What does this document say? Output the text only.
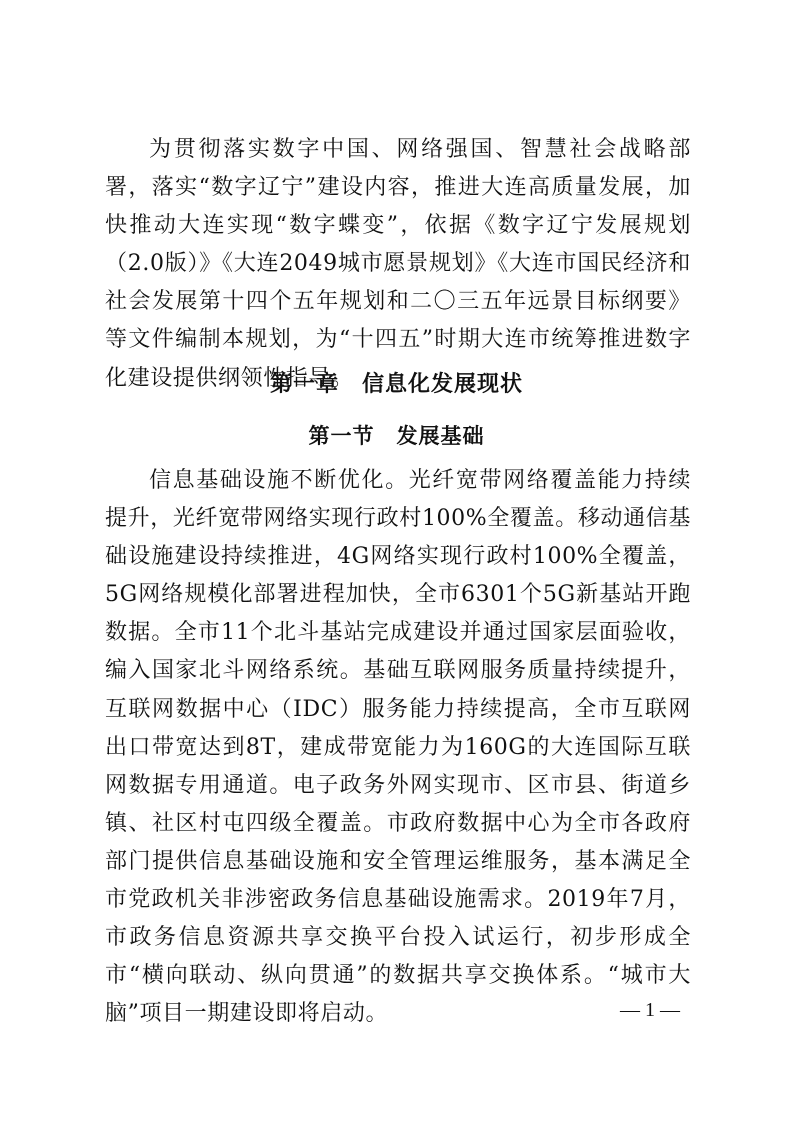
为贯彻落实数字中国、网络强国、智慧社会战略部署，落实“数字辽宁”建设内容，推进大连高质量发展，加快推动大连实现“数字蝶变”，依据《数字辽宁发展规划（2.0版）》《大连2049城市愿景规划》《大连市国民经济和社会发展第十四个五年规划和二〇三五年远景目标纲要》等文件编制本规划，为“十四五”时期大连市统筹推进数字化建设提供纲领性指导。

第一章　信息化发展现状
第一节　发展基础

信息基础设施不断优化。光纤宽带网络覆盖能力持续提升，光纤宽带网络实现行政村100%全覆盖。移动通信基础设施建设持续推进，4G网络实现行政村100%全覆盖，5G网络规模化部署进程加快，全市6301个5G新基站开跑数据。全市11个北斗基站完成建设并通过国家层面验收，编入国家北斗网络系统。基础互联网服务质量持续提升，互联网数据中心（IDC）服务能力持续提高，全市互联网出口带宽达到8T，建成带宽能力为160G的大连国际互联网数据专用通道。电子政务外网实现市、区市县、街道乡镇、社区村屯四级全覆盖。市政府数据中心为全市各政府部门提供信息基础设施和安全管理运维服务，基本满足全市党政机关非涉密政务信息基础设施需求。2019年7月，市政务信息资源共享交换平台投入试运行，初步形成全市“横向联动、纵向贯通”的数据共享交换体系。“城市大脑”项目一期建设即将启动。	— 1 —
